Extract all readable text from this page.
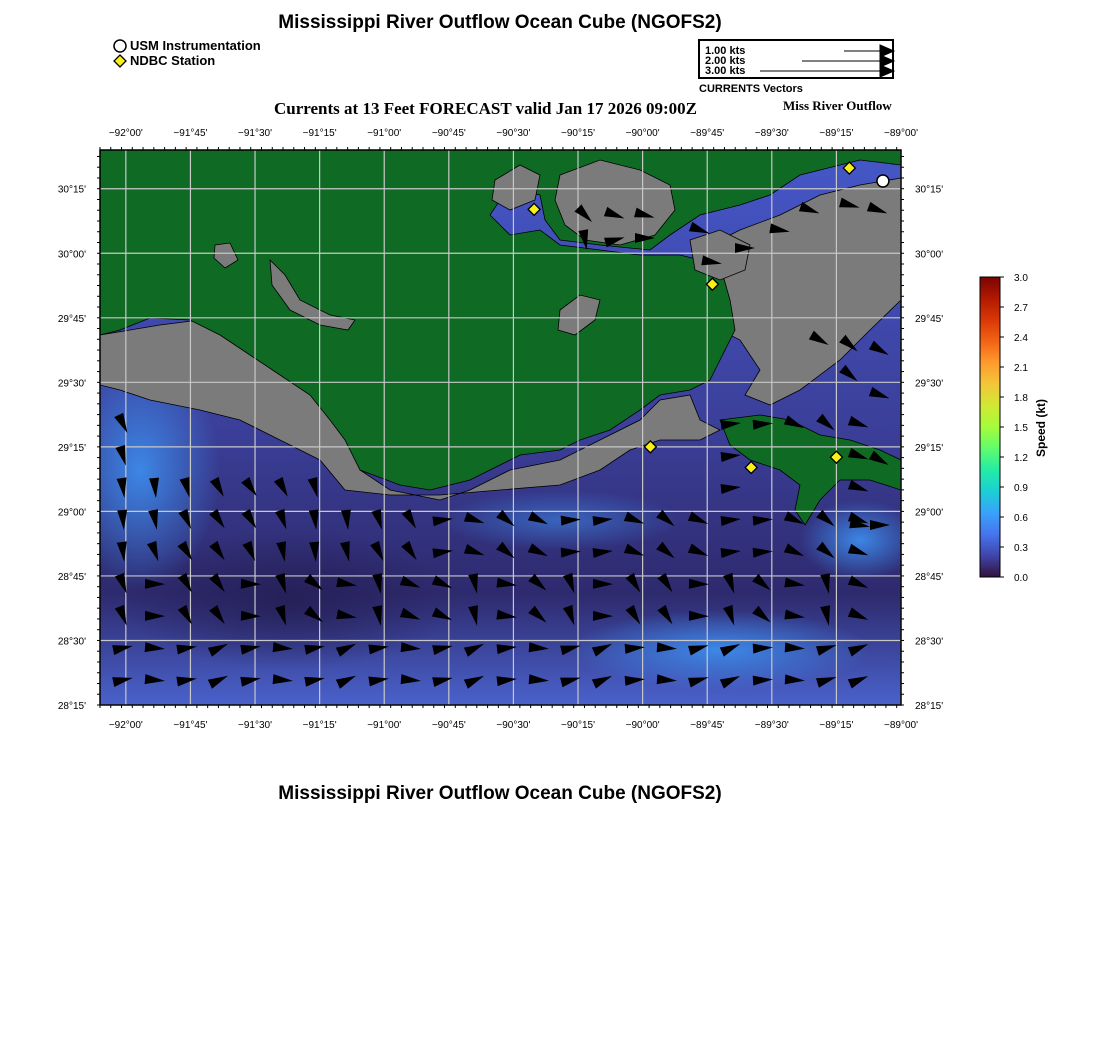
Mississippi River Outflow Ocean Cube (NGOFS2)
Mississippi River Outflow Ocean Cube (NGOFS2)
Currents at 13 Feet FORECAST valid Jan 17 2026 09:00Z	Miss River Outflow
USM Instrumentation
NDBC Station
1.00 kts
2.00 kts
3.00 kts
CURRENTS Vectors
−92°00'
−92°00'
−91°45'
−91°45'
−91°30'
−91°30'
−91°15'
−91°15'
−91°00'
−91°00'
−90°45'
−90°45'
−90°30'
−90°30'
−90°15'
−90°15'
−90°00'
−90°00'
−89°45'
−89°45'
−89°30'
−89°30'
−89°15'
−89°15'
−89°00'
−89°00'
30°15'	30°15'
30°00'	30°00'
29°45'	29°45'
29°30'	29°30'
29°15'	29°15'
29°00'	29°00'
28°45'	28°45'
28°30'	28°30'
28°15'	28°15'
3.0
2.7
2.4
2.1
1.8
1.5
1.2
0.9
0.6
0.3
0.0
Speed (kt)
